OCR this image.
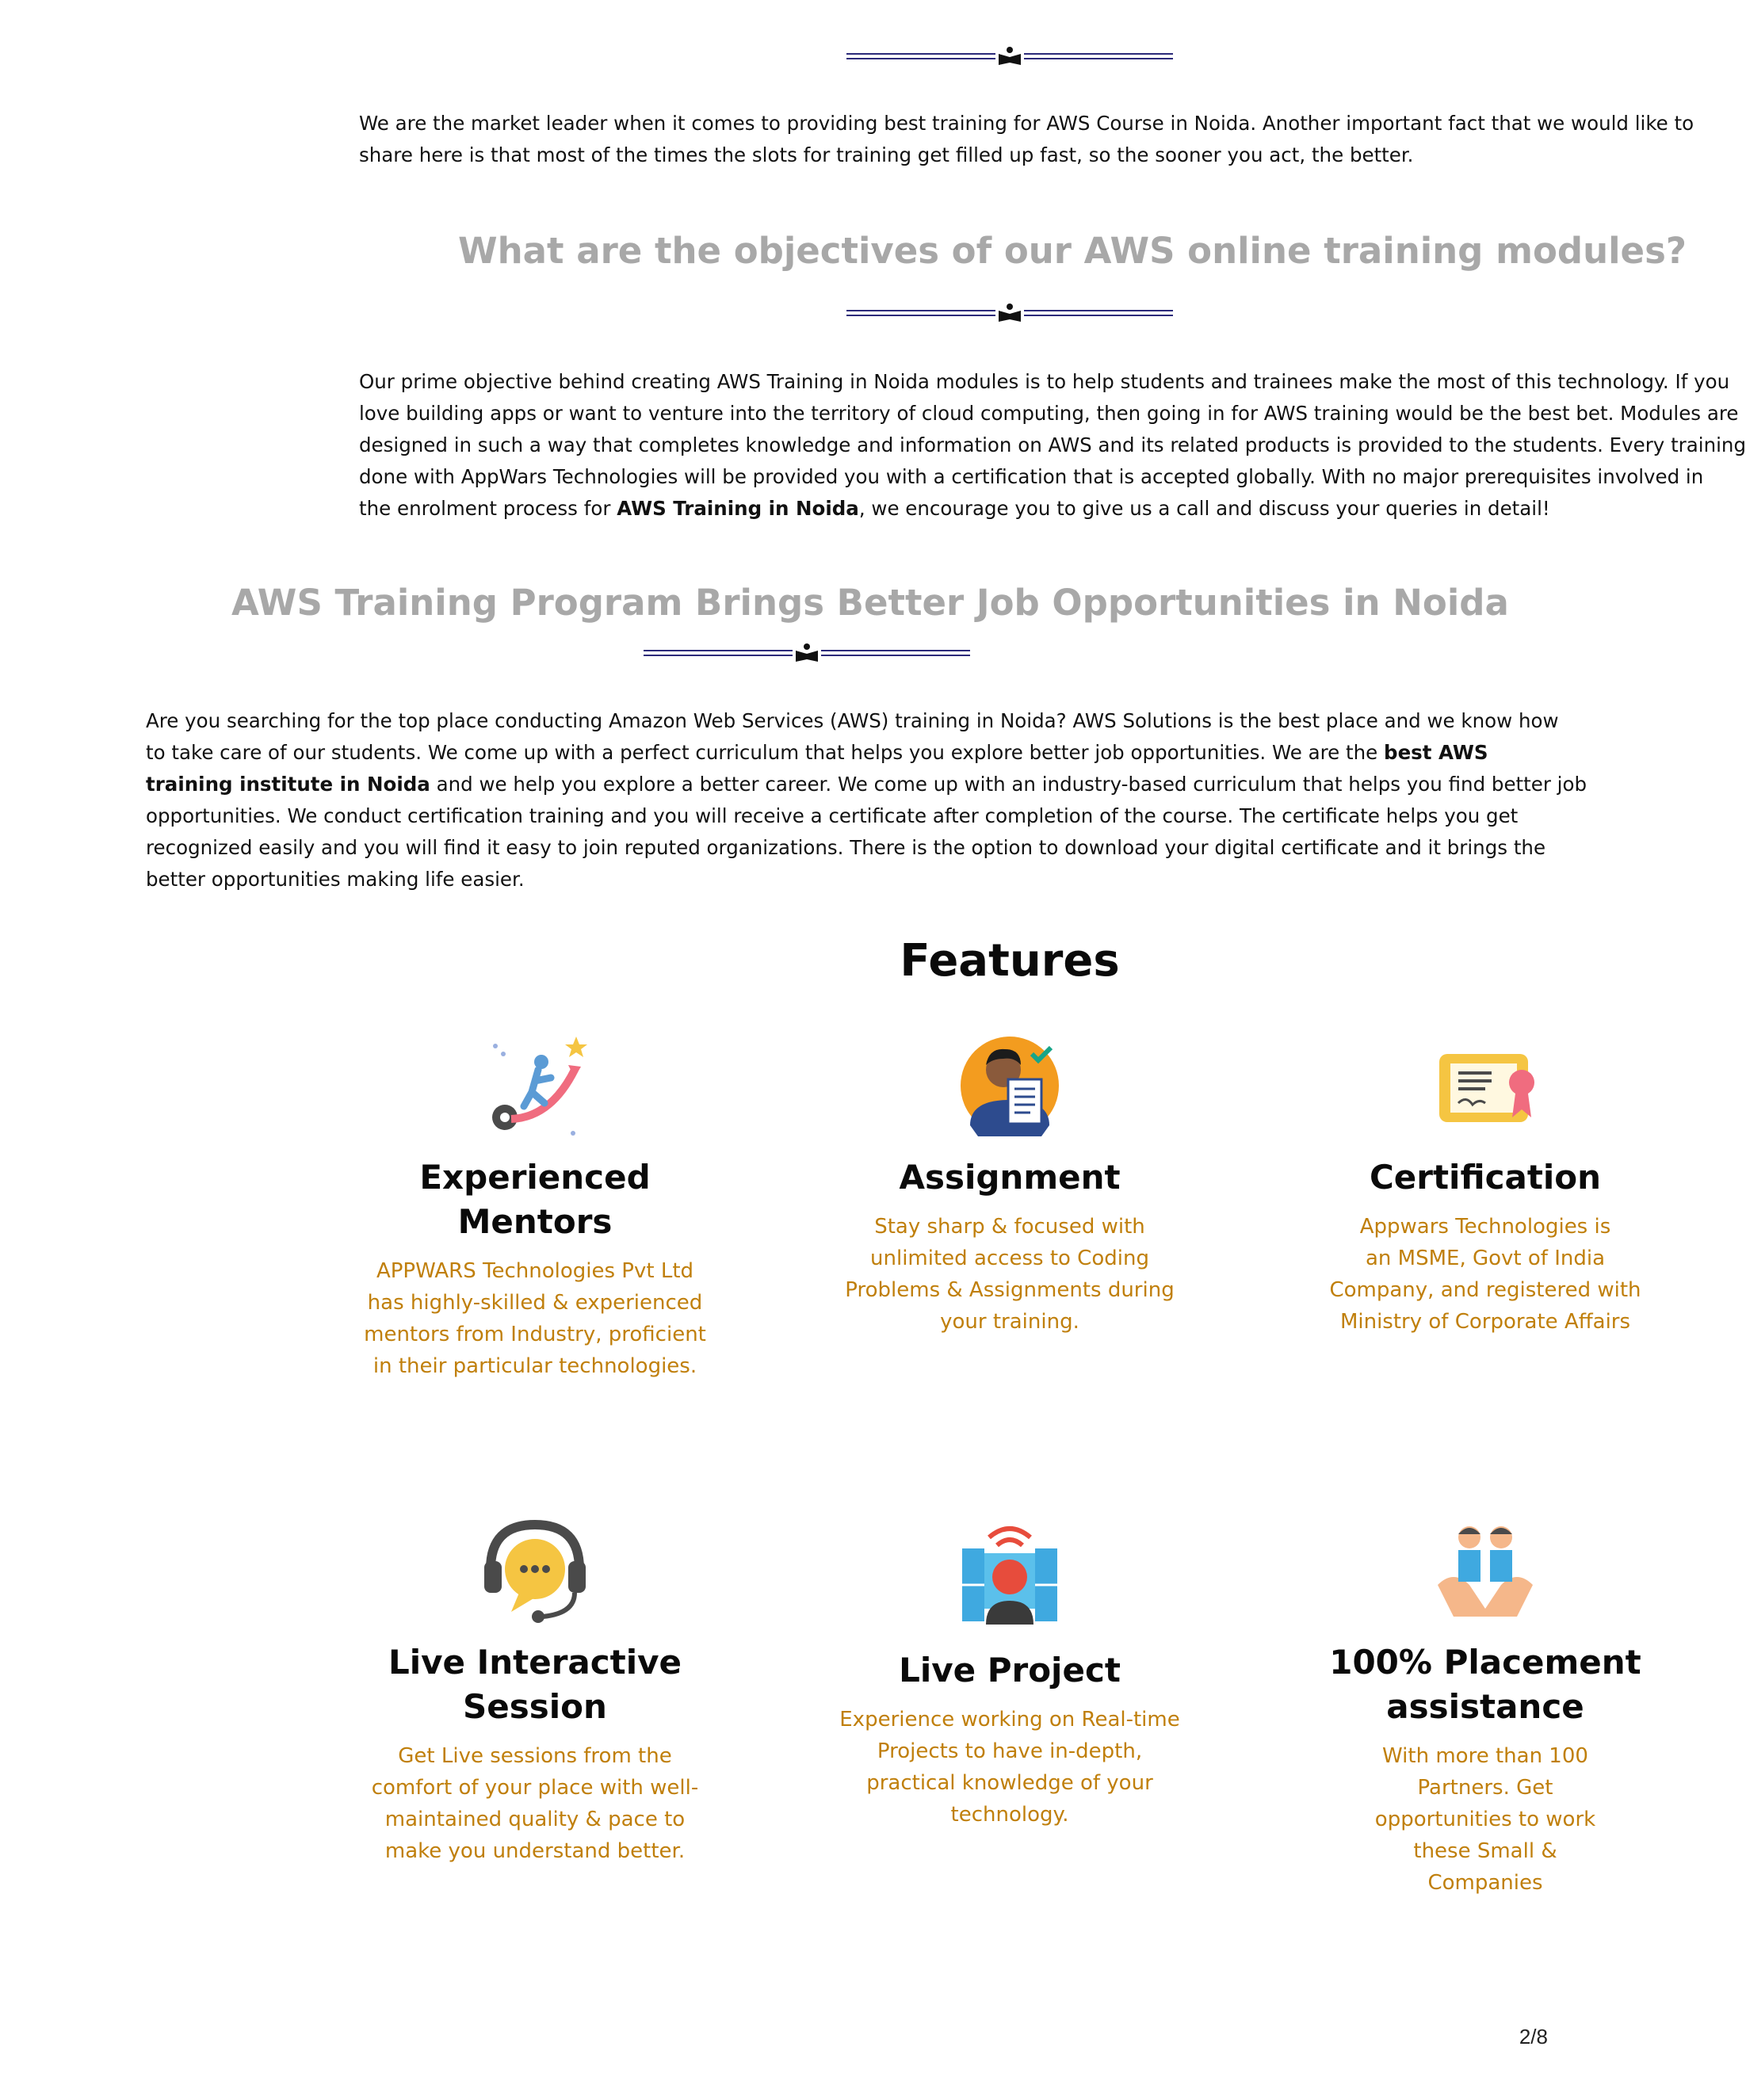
We are the market leader when it comes to providing best training for AWS Course in Noida. Another important fact that we would like to
share here is that most of the times the slots for training get filled up fast, so the sooner you act, the better.

What are the objectives of our AWS online training modules?

Our prime objective behind creating AWS Training in Noida modules is to help students and trainees make the most of this technology. If you
love building apps or want to venture into the territory of cloud computing, then going in for AWS training would be the best bet. Modules are
designed in such a way that completes knowledge and information on AWS and its related products is provided to the students. Every training
done with AppWars Technologies will be provided you with a certification that is accepted globally. With no major prerequisites involved in
the enrolment process for AWS Training in Noida, we encourage you to give us a call and discuss your queries in detail!

AWS Training Program Brings Better Job Opportunities in Noida

Are you searching for the top place conducting Amazon Web Services (AWS) training in Noida? AWS Solutions is the best place and we know how
to take care of our students. We come up with a perfect curriculum that helps you explore better job opportunities. We are the best AWS
training institute in Noida and we help you explore a better career. We come up with an industry-based curriculum that helps you find better job
opportunities. We conduct certification training and you will receive a certificate after completion of the course. The certificate helps you get
recognized easily and you will find it easy to join reputed organizations. There is the option to download your digital certificate and it brings the
better opportunities making life easier.

Features
Experienced
Mentors

APPWARS Technologies Pvt Ltd
has highly-skilled & experienced
mentors from Industry, proficient
in their particular technologies.

Assignment

Stay sharp & focused with
unlimited access to Coding
Problems & Assignments during
your training.

Certification

Appwars Technologies is
an MSME, Govt of India
Company, and registered with
Ministry of Corporate Affairs

Live Interactive
Session

Get Live sessions from the
comfort of your place with well-
maintained quality & pace to
make you understand better.

Live Project

Experience working on Real-time
Projects to have in-depth,
practical knowledge of your
technology.

100% Placement
assistance

With more than 100
Partners. Get
opportunities to work
these Small &
Companies

2/8
